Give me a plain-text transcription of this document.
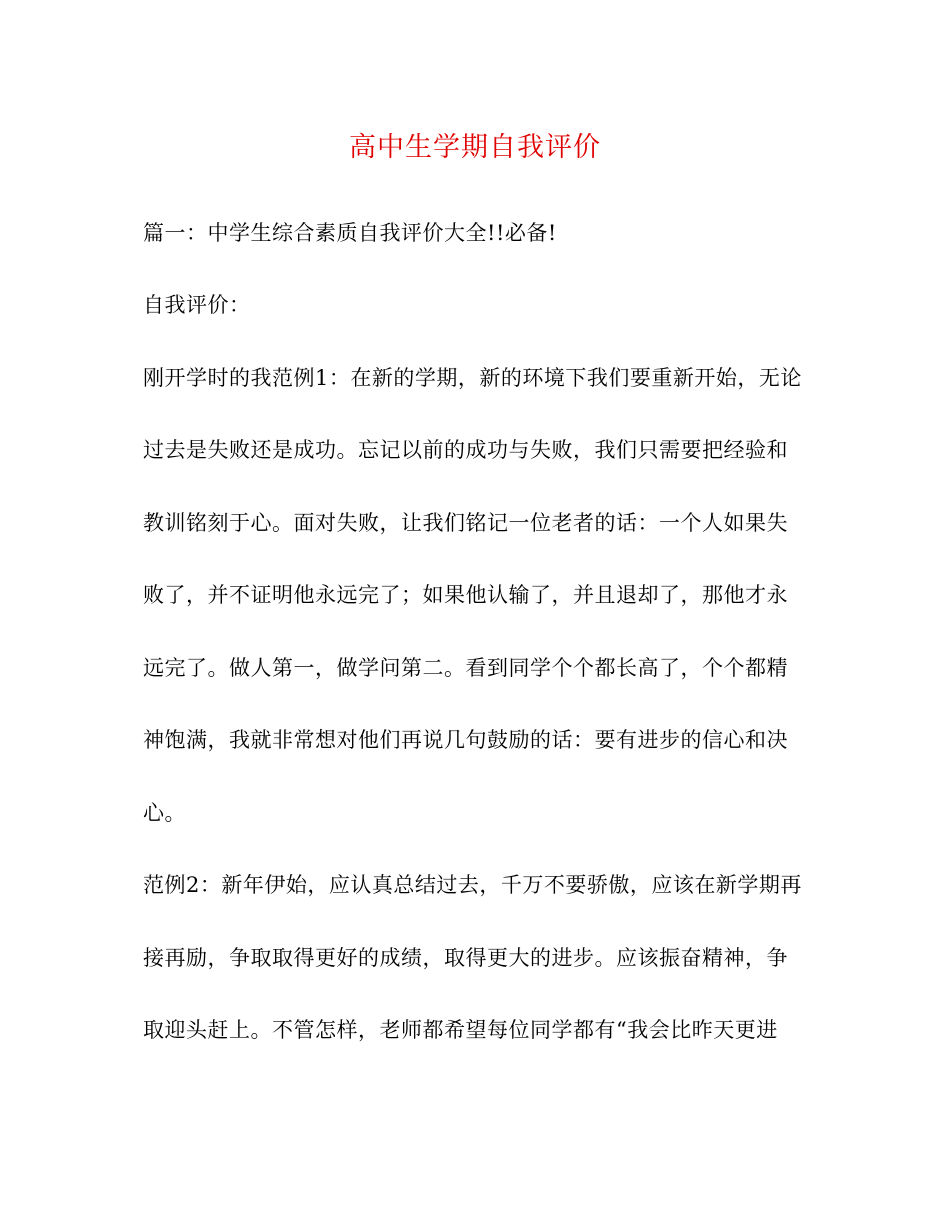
高中生学期自我评价
篇一：中学生综合素质自我评价大全!!必备!
自我评价：
刚开学时的我范例1：在新的学期，新的环境下我们要重新开始，无论
过去是失败还是成功。忘记以前的成功与失败，我们只需要把经验和
教训铭刻于心。面对失败，让我们铭记一位老者的话：一个人如果失
败了，并不证明他永远完了；如果他认输了，并且退却了，那他才永
远完了。做人第一，做学问第二。看到同学个个都长高了，个个都精
神饱满，我就非常想对他们再说几句鼓励的话：要有进步的信心和决
心。
范例2：新年伊始，应认真总结过去，千万不要骄傲，应该在新学期再
接再励，争取取得更好的成绩，取得更大的进步。应该振奋精神，争
取迎头赶上。不管怎样，老师都希望每位同学都有“我会比昨天更进
